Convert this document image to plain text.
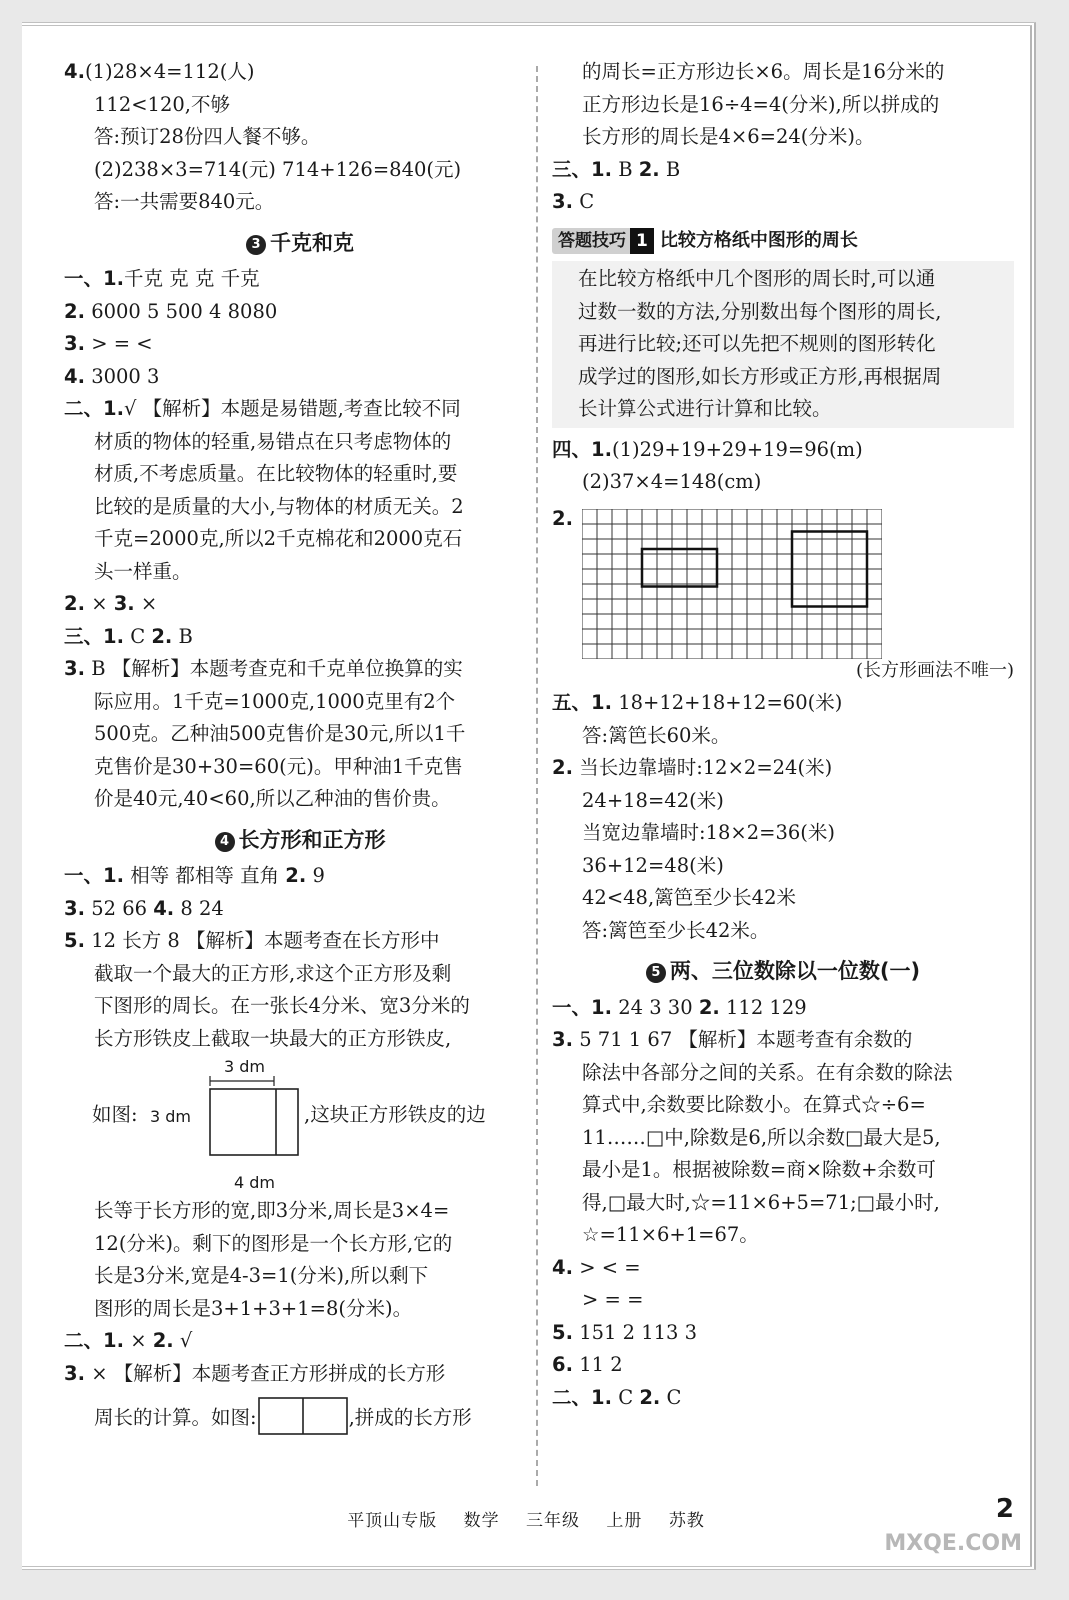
4.(1)28×4=112(人)
112<120,不够
答:预订28份四人餐不够。
(2)238×3=714(元) 714+126=840(元)
答:一共需要840元。
3 千克和克
一、1.千克 克 克 千克
2. 6000 5 500 4 8080
3. > = <
4. 3000 3
二、1.√ 【解析】本题是易错题,考查比较不同
材质的物体的轻重,易错点在只考虑物体的
材质,不考虑质量。在比较物体的轻重时,要
比较的是质量的大小,与物体的材质无关。2
千克=2000克,所以2千克棉花和2000克石
头一样重。
2. × 3. ×
三、1. C 2. B
3. B 【解析】本题考查克和千克单位换算的实
际应用。1千克=1000克,1000克里有2个
500克。乙种油500克售价是30元,所以1千
克售价是30+30=60(元)。甲种油1千克售
价是40元,40<60,所以乙种油的售价贵。
4 长方形和正方形
一、1. 相等 都相等 直角 2. 9
3. 52 66 4. 8 24
5. 12 长方 8 【解析】本题考查在长方形中
截取一个最大的正方形,求这个正方形及剩
下图形的周长。在一张长4分米、宽3分米的
长方形铁皮上截取一块最大的正方形铁皮,
如图: 3 dm
3 dm
4 dm
,这块正方形铁皮的边
长等于长方形的宽,即3分米,周长是3×4=
12(分米)。剩下的图形是一个长方形,它的
长是3分米,宽是4-3=1(分米),所以剩下
图形的周长是3+1+3+1=8(分米)。
二、1. × 2. √
3. × 【解析】本题考查正方形拼成的长方形
周长的计算。如图:	,拼成的长方形
的周长=正方形边长×6。周长是16分米的
正方形边长是16÷4=4(分米),所以拼成的
长方形的周长是4×6=24(分米)。
三、1. B 2. B
3. C
答题技巧 1 比较方格纸中图形的周长
在比较方格纸中几个图形的周长时,可以通
过数一数的方法,分别数出每个图形的周长,
再进行比较;还可以先把不规则的图形转化
成学过的图形,如长方形或正方形,再根据周
长计算公式进行计算和比较。
四、1.(1)29+19+29+19=96(m)
(2)37×4=148(cm)
2.
(长方形画法不唯一)
五、1. 18+12+18+12=60(米)
答:篱笆长60米。
2. 当长边靠墙时:12×2=24(米)
24+18=42(米)
当宽边靠墙时:18×2=36(米)
36+12=48(米)
42<48,篱笆至少长42米
答:篱笆至少长42米。
5 两、三位数除以一位数(一)
一、1. 24 3 30 2. 112 129
3. 5 71 1 67 【解析】本题考查有余数的
除法中各部分之间的关系。在有余数的除法
算式中,余数要比除数小。在算式☆÷6=
11……□中,除数是6,所以余数□最大是5,
最小是1。根据被除数=商×除数+余数可
得,□最大时,☆=11×6+5=71;□最小时,
☆=11×6+1=67。
4. > < =
> = =
5. 151 2 113 3
6. 11 2
二、1. C 2. C
平顶山专版 数学 三年级 上册 苏教	2
MXQE.COM
